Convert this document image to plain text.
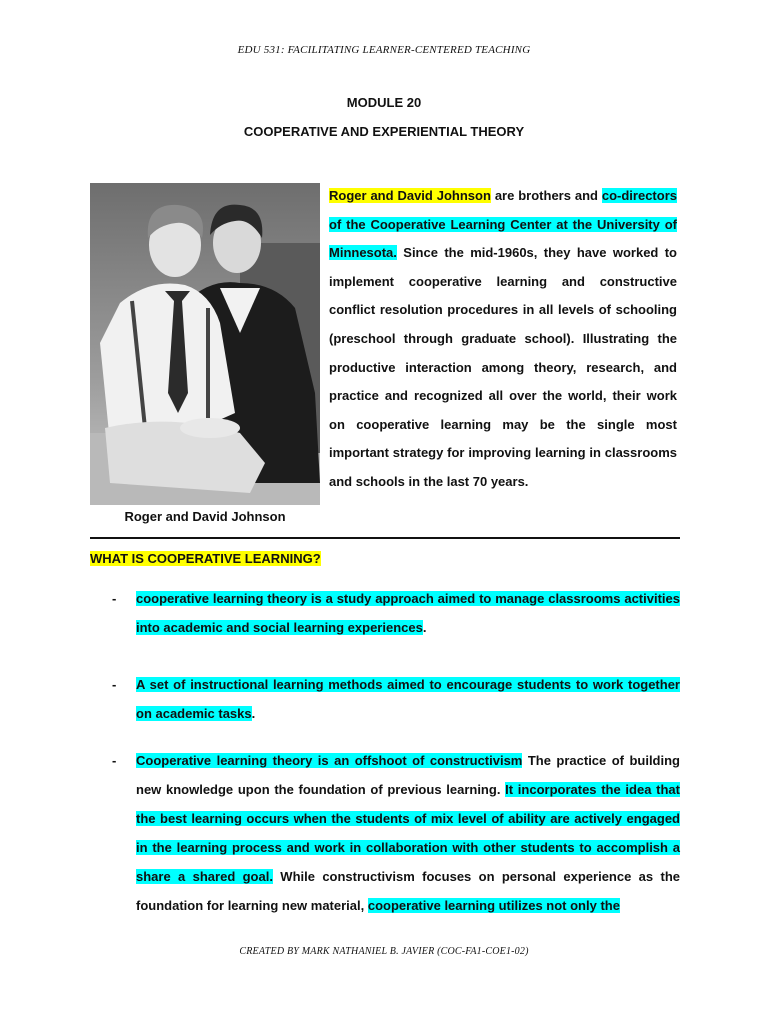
EDU 531: FACILITATING LEARNER-CENTERED TEACHING
MODULE 20
COOPERATIVE AND EXPERIENTIAL THEORY
Roger and David Johnson
Roger and David Johnson are brothers and co-directors of the Cooperative Learning Center at the University of Minnesota. Since the mid-1960s, they have worked to implement cooperative learning and constructive conflict resolution procedures in all levels of schooling (preschool through graduate school). Illustrating the productive interaction among theory, research, and practice and recognized all over the world, their work on cooperative learning may be the single most important strategy for improving learning in classrooms and schools in the last 70 years.
WHAT IS COOPERATIVE LEARNING?
- cooperative learning theory is a study approach aimed to manage classrooms activities into academic and social learning experiences.
- A set of instructional learning methods aimed to encourage students to work together on academic tasks.
- Cooperative learning theory is an offshoot of constructivism The practice of building new knowledge upon the foundation of previous learning. It incorporates the idea that the best learning occurs when the students of mix level of ability are actively engaged in the learning process and work in collaboration with other students to accomplish a share a shared goal. While constructivism focuses on personal experience as the foundation for learning new material, cooperative learning utilizes not only the
CREATED BY MARK NATHANIEL B. JAVIER (COC-FA1-COE1-02)
